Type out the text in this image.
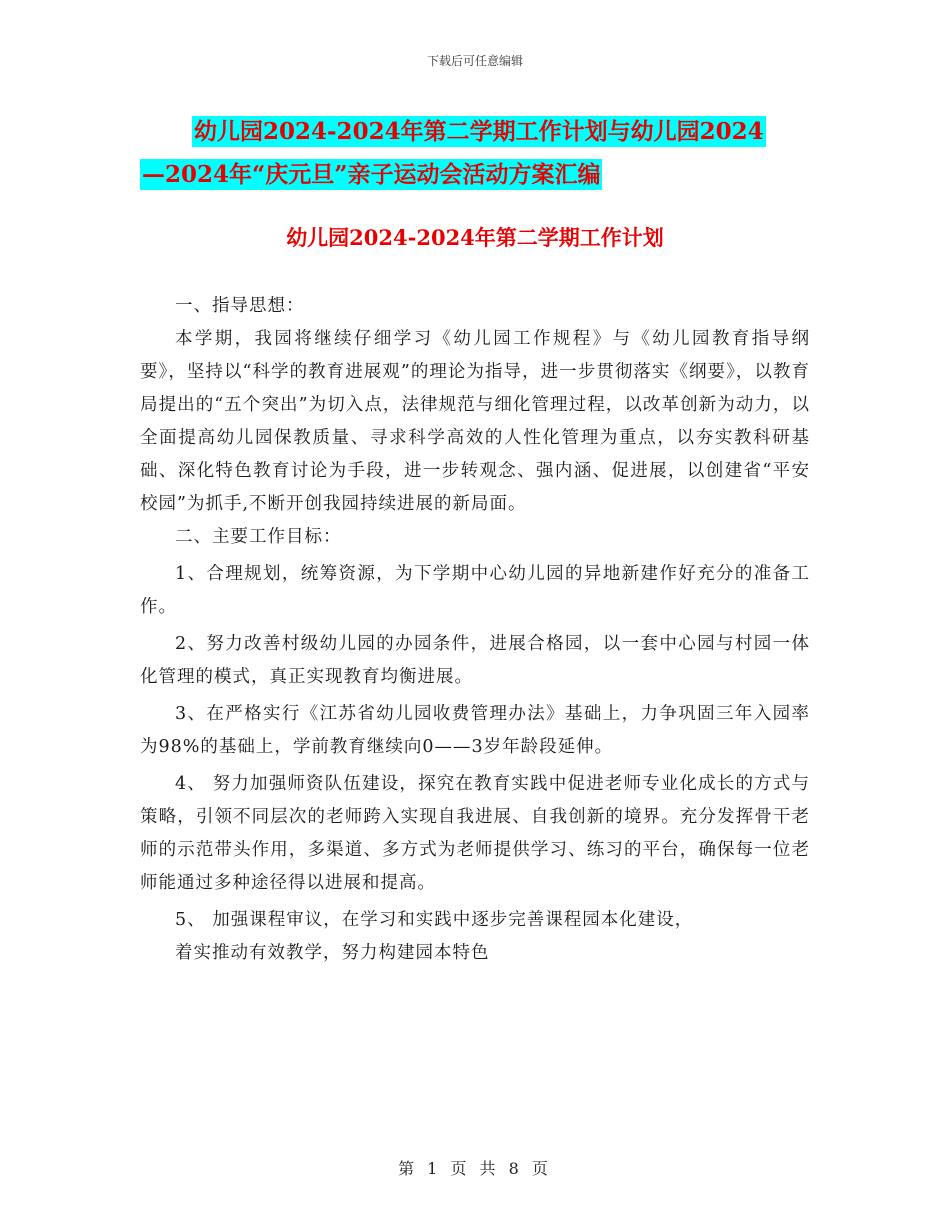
下载后可任意编辑
幼儿园2024-2024年第二学期工作计划与幼儿园2024
—2024年“庆元旦”亲子运动会活动方案汇编
幼儿园2024-2024年第二学期工作计划

一、指导思想：

本学期，我园将继续仔细学习《幼儿园工作规程》与《幼儿园教育指导纲要》，坚持以“科学的教育进展观”的理论为指导，进一步贯彻落实《纲要》，以教育局提出的“五个突出”为切入点，法律规范与细化管理过程，以改革创新为动力，以全面提高幼儿园保教质量、寻求科学高效的人性化管理为重点，以夯实教科研基础、深化特色教育讨论为手段，进一步转观念、强内涵、促进展，以创建省“平安校园”为抓手,不断开创我园持续进展的新局面。

二、主要工作目标：

1、合理规划，统筹资源，为下学期中心幼儿园的异地新建作好充分的准备工作。

2、努力改善村级幼儿园的办园条件，进展合格园，以一套中心园与村园一体化管理的模式，真正实现教育均衡进展。

3、在严格实行《江苏省幼儿园收费管理办法》基础上，力争巩固三年入园率为98%的基础上，学前教育继续向0——3岁年龄段延伸。

4、 努力加强师资队伍建设，探究在教育实践中促进老师专业化成长的方式与策略，引领不同层次的老师跨入实现自我进展、自我创新的境界。充分发挥骨干老师的示范带头作用，多渠道、多方式为老师提供学习、练习的平台，确保每一位老师能通过多种途径得以进展和提高。

5、 加强课程审议，在学习和实践中逐步完善课程园本化建设，

着实推动有效教学，努力构建园本特色

第 1 页 共 8 页
